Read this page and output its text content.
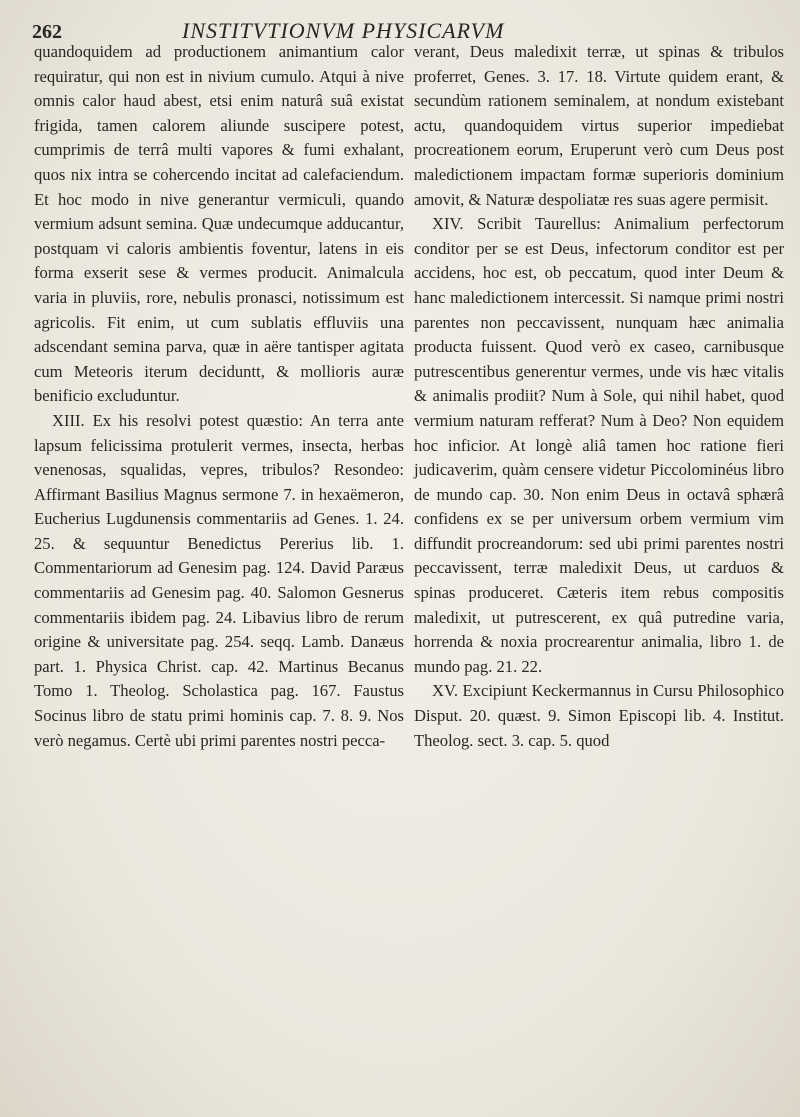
262	INSTITVTIONVM PHYSICARVM

quandoquidem ad productionem animantium calor requiratur, qui non est in nivium cumulo. Atqui à nive omnis calor haud abest, etsi enim naturâ suâ existat frigida, tamen calorem aliunde suscipere potest, cumprimis de terrâ multi vapores & fumi exhalant, quos nix intra se cohercendo incitat ad calefaciendum. Et hoc modo in nive generantur vermiculi, quando vermium adsunt semina. Quæ undecumque adducantur, postquam vi caloris ambientis foventur, latens in eis forma exserit sese & vermes producit. Animalcula varia in pluviis, rore, nebulis pronasci, notissimum est agricolis. Fit enim, ut cum sublatis effluviis una adscendant semina parva, quæ in aëre tantisper agitata cum Meteoris iterum deciduntt, & mollioris auræ benificio excluduntur.

XIII. Ex his resolvi potest quæstio: An terra ante lapsum felicissima protulerit vermes, insecta, herbas venenosas, squalidas, vepres, tribulos? Resondeo: Affirmant Basilius Magnus sermone 7. in hexaëmeron, Eucherius Lugdunensis commentariis ad Genes. 1. 24. 25. & sequuntur Benedictus Pererius lib. 1. Commentariorum ad Genesim pag. 124. David Paræus commentariis ad Genesim pag. 40. Salomon Gesnerus commentariis ibidem pag. 24. Libavius libro de rerum origine & universitate pag. 254. seqq. Lamb. Danæus part. 1. Physica Christ. cap. 42. Martinus Becanus Tomo 1. Theolog. Scholastica pag. 167. Faustus Socinus libro de statu primi hominis cap. 7. 8. 9. Nos verò negamus. Certè ubi primi parentes nostri pecca-

verant, Deus maledixit terræ, ut spinas & tribulos proferret, Genes. 3. 17. 18. Virtute quidem erant, & secundùm rationem seminalem, at nondum existebant actu, quandoquidem virtus superior impediebat procreationem eorum, Eruperunt verò cum Deus post maledictionem impactam formæ superioris dominium amovit, & Naturæ despoliatæ res suas agere permisit.

XIV. Scribit Taurellus: Animalium perfectorum conditor per se est Deus, infectorum conditor est per accidens, hoc est, ob peccatum, quod inter Deum & hanc maledictionem intercessit. Si namque primi nostri parentes non peccavissent, nunquam hæc animalia producta fuissent. Quod verò ex caseo, carnibusque putrescentibus generentur vermes, unde vis hæc vitalis & animalis prodiit? Num à Sole, qui nihil habet, quod vermium naturam refferat? Num à Deo? Non equidem hoc inficior. At longè aliâ tamen hoc ratione fieri judicaverim, quàm censere videtur Piccolominéus libro de mundo cap. 30. Non enim Deus in octavâ sphærâ confidens ex se per universum orbem vermium vim diffundit procreandorum: sed ubi primi parentes nostri peccavissent, terræ maledixit Deus, ut carduos & spinas produceret. Cæteris item rebus compositis maledixit, ut putrescerent, ex quâ putredine varia, horrenda & noxia procrearentur animalia, libro 1. de mundo pag. 21. 22.

XV. Excipiunt Keckermannus in Cursu Philosophico Disput. 20. quæst. 9. Simon Episcopi lib. 4. Institut. Theolog. sect. 3. cap. 5. quod
